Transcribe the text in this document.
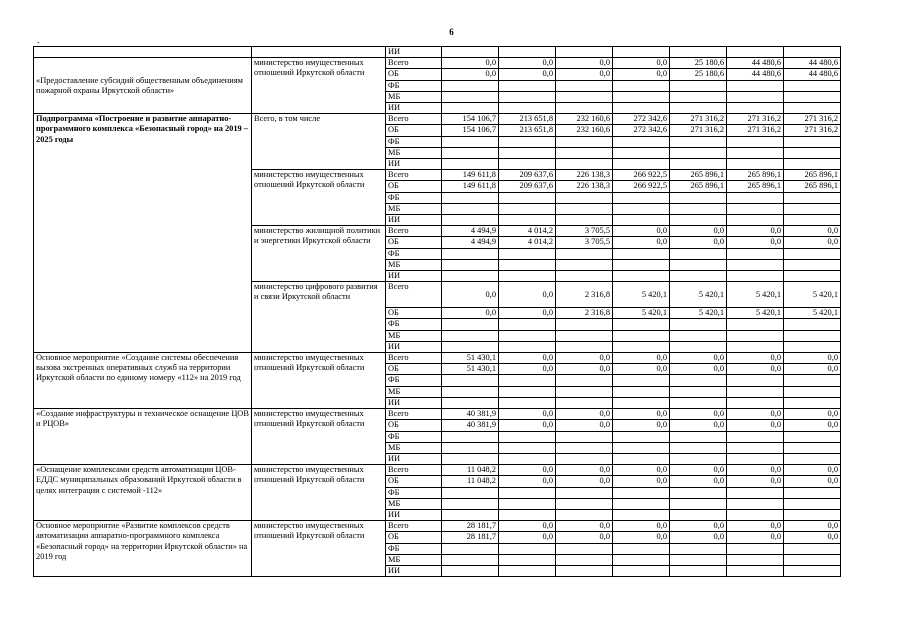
6
-
		ИИ							
«Предоставление субсидий общественным объединениям пожарной охраны Иркутской области»	министерство имущественных отношений Иркутской области	Всего	0,0	0,0	0,0	0,0	25 180,6	44 480,6	44 480,6
		ОБ	0,0	0,0	0,0	0,0	25 180,6	44 480,6	44 480,6
		ФБ							
		МБ							
		ИИ							
Подпрограмма «Построение и развитие аппаратно-программного комплекса «Безопасный город» на 2019 – 2025 годы	Всего, в том числе	Всего	154 106,7	213 651,8	232 160,6	272 342,6	271 316,2	271 316,2	271 316,2
		ОБ	154 106,7	213 651,8	232 160,6	272 342,6	271 316,2	271 316,2	271 316,2
		ФБ							
		МБ							
		ИИ							
	министерство имущественных отношений Иркутской области	Всего	149 611,8	209 637,6	226 138,3	266 922,5	265 896,1	265 896,1	265 896,1
		ОБ	149 611,8	209 637,6	226 138,3	266 922,5	265 896,1	265 896,1	265 896,1
		ФБ							
		МБ							
		ИИ							
	министерство жилищной политики и энергетики Иркутской области	Всего	4 494,9	4 014,2	3 705,5	0,0	0,0	0,0	0,0
		ОБ	4 494,9	4 014,2	3 705,5	0,0	0,0	0,0	0,0
		ФБ							
		МБ							
		ИИ							
	министерство цифрового развития и связи Иркутской области	Всего	0,0	0,0	2 316,8	5 420,1	5 420,1	5 420,1	5 420,1
		ОБ	0,0	0,0	2 316,8	5 420,1	5 420,1	5 420,1	5 420,1
		ФБ							
		МБ							
		ИИ							
Основное мероприятие «Создание системы обеспечения вызова экстренных оперативных служб на территории Иркутской области по единому номеру «112» на 2019 год	министерство имущественных отношений Иркутской области	Всего	51 430,1	0,0	0,0	0,0	0,0	0,0	0,0
		ОБ	51 430,1	0,0	0,0	0,0	0,0	0,0	0,0
		ФБ							
		МБ							
		ИИ							
«Создание инфраструктуры и техническое оснащение ЦОВ и РЦОВ»	министерство имущественных отношений Иркутской области	Всего	40 381,9	0,0	0,0	0,0	0,0	0,0	0,0
		ОБ	40 381,9	0,0	0,0	0,0	0,0	0,0	0,0
		ФБ							
		МБ							
		ИИ							
«Оснащение комплексами средств автоматизации ЦОВ-ЕДДС муниципальных образований Иркутской области в целях интеграции с системой -112»	министерство имущественных отношений Иркутской области	Всего	11 048,2	0,0	0,0	0,0	0,0	0,0	0,0
		ОБ	11 048,2	0,0	0,0	0,0	0,0	0,0	0,0
		ФБ							
		МБ							
		ИИ							
Основное мероприятие «Развитие комплексов средств автоматизации аппаратно-программного комплекса «Безопасный город» на территории Иркутской области» на 2019 год	министерство имущественных отношений Иркутской области	Всего	28 181,7	0,0	0,0	0,0	0,0	0,0	0,0
		ОБ	28 181,7	0,0	0,0	0,0	0,0	0,0	0,0
		ФБ							
		МБ							
		ИИ							
